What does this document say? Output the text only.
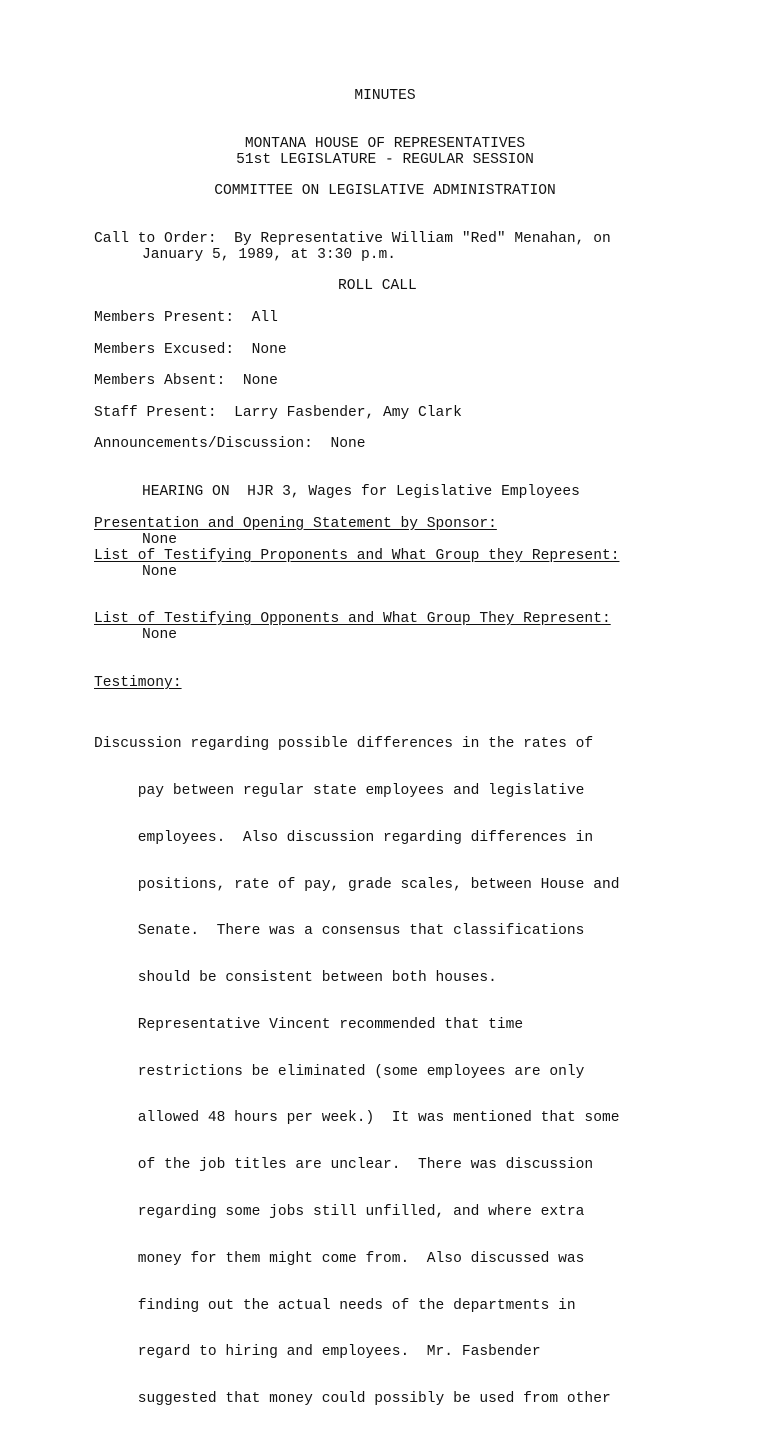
MINUTES
MONTANA HOUSE OF REPRESENTATIVES
51st LEGISLATURE - REGULAR SESSION
COMMITTEE ON LEGISLATIVE ADMINISTRATION
Call to Order:  By Representative William "Red" Menahan, on
January 5, 1989, at 3:30 p.m.
ROLL CALL
Members Present:  All
Members Excused:  None
Members Absent:  None
Staff Present:  Larry Fasbender, Amy Clark
Announcements/Discussion:  None
HEARING ON  HJR 3, Wages for Legislative Employees
Presentation and Opening Statement by Sponsor:
None
List of Testifying Proponents and What Group they Represent:
None
List of Testifying Opponents and What Group They Represent:
None
Testimony:

Discussion regarding possible differences in the rates of

pay between regular state employees and legislative

employees.  Also discussion regarding differences in

positions, rate of pay, grade scales, between House and

Senate.  There was a consensus that classifications

should be consistent between both houses.

Representative Vincent recommended that time

restrictions be eliminated (some employees are only

allowed 48 hours per week.)  It was mentioned that some

of the job titles are unclear.  There was discussion

regarding some jobs still unfilled, and where extra

money for them might come from.  Also discussed was

finding out the actual needs of the departments in

regard to hiring and employees.  Mr. Fasbender

suggested that money could possibly be used from other
